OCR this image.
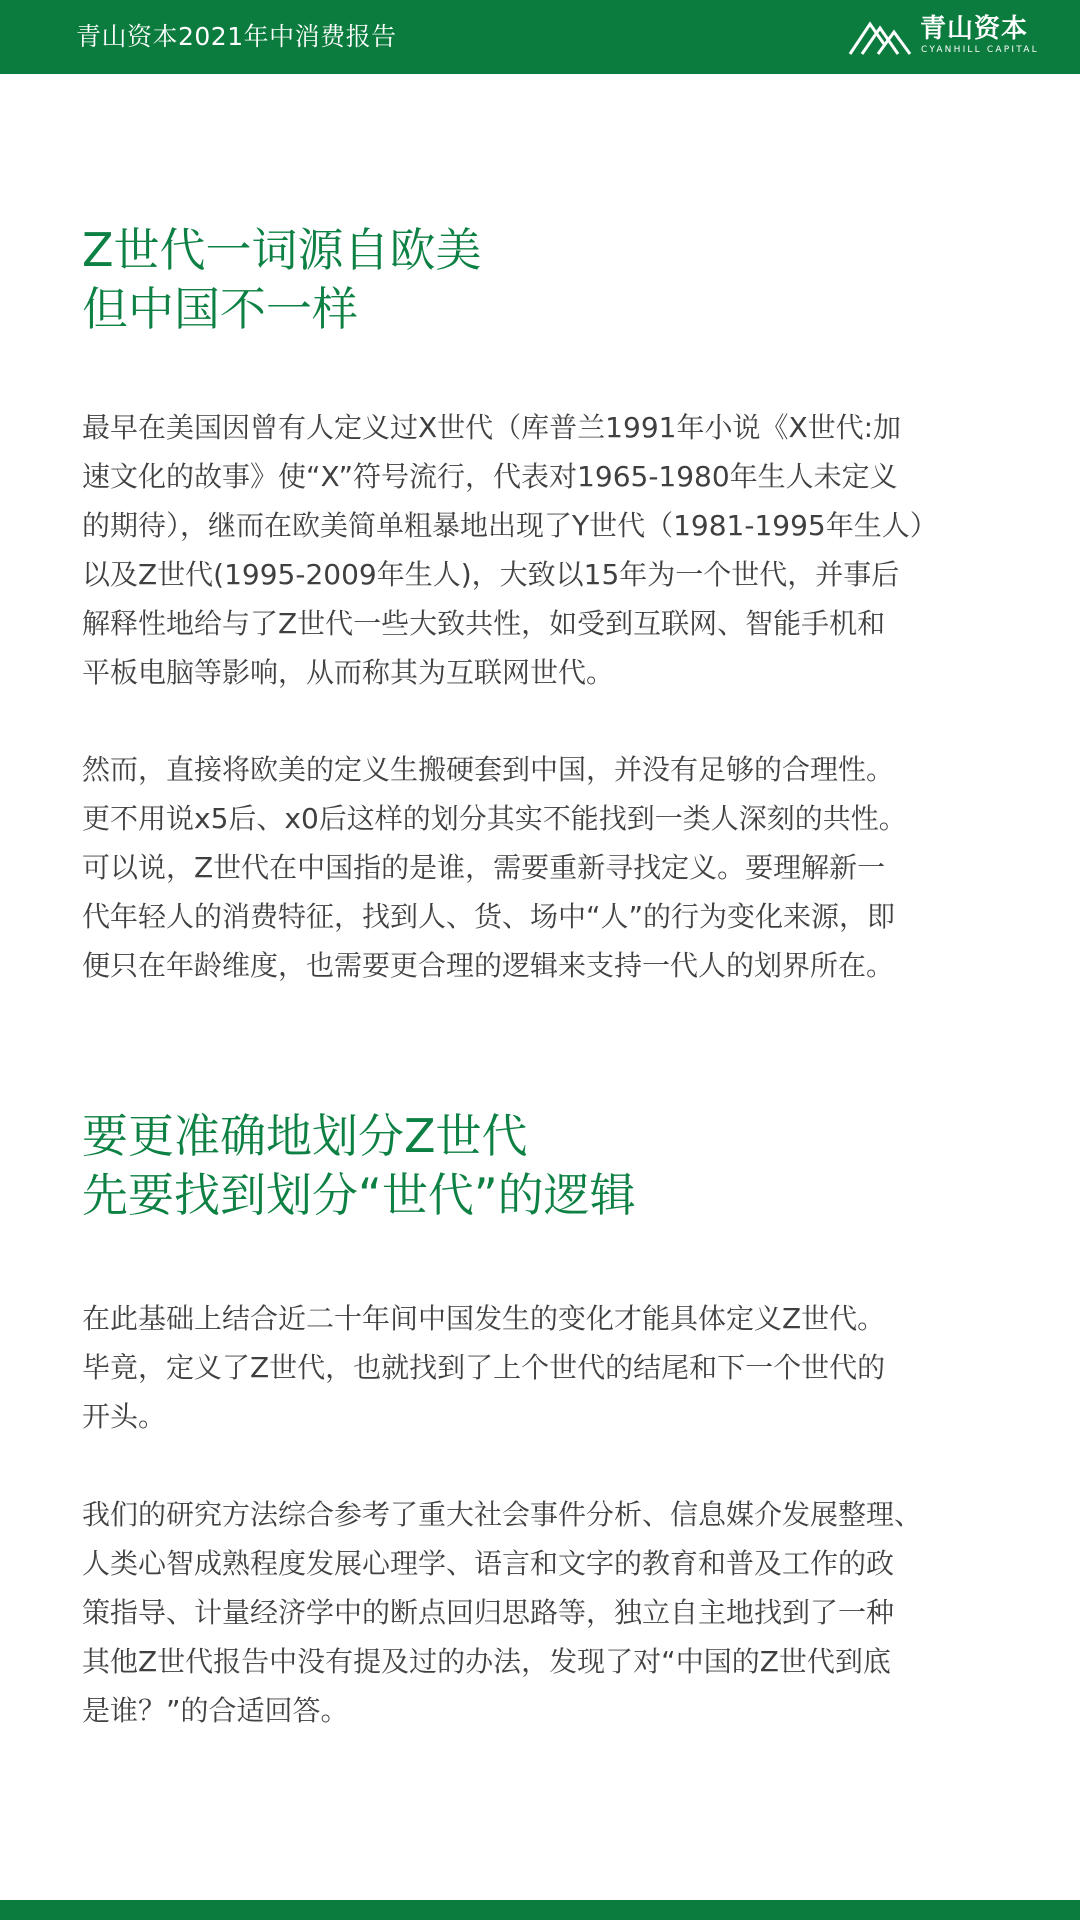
青山资本2021年中消费报告	青山资本
CYANHILL CAPITAL
Z世代一词源自欧美
但中国不一样

最早在美国因曾有人定义过X世代（库普兰1991年小说《X世代:加
速文化的故事》使“X”符号流行，代表对1965-1980年生人未定义
的期待），继而在欧美简单粗暴地出现了Y世代（1981-1995年生人）
以及Z世代(1995-2009年生人)，大致以15年为一个世代，并事后
解释性地给与了Z世代一些大致共性，如受到互联网、智能手机和
平板电脑等影响，从而称其为互联网世代。

然而，直接将欧美的定义生搬硬套到中国，并没有足够的合理性。
更不用说x5后、x0后这样的划分其实不能找到一类人深刻的共性。
可以说，Z世代在中国指的是谁，需要重新寻找定义。要理解新一
代年轻人的消费特征，找到人、货、场中“人”的行为变化来源，即
便只在年龄维度，也需要更合理的逻辑来支持一代人的划界所在。

要更准确地划分Z世代
先要找到划分“世代”的逻辑

在此基础上结合近二十年间中国发生的变化才能具体定义Z世代。
毕竟，定义了Z世代，也就找到了上个世代的结尾和下一个世代的
开头。

我们的研究方法综合参考了重大社会事件分析、信息媒介发展整理、
人类心智成熟程度发展心理学、语言和文字的教育和普及工作的政
策指导、计量经济学中的断点回归思路等，独立自主地找到了一种
其他Z世代报告中没有提及过的办法，发现了对“中国的Z世代到底
是谁？”的合适回答。
